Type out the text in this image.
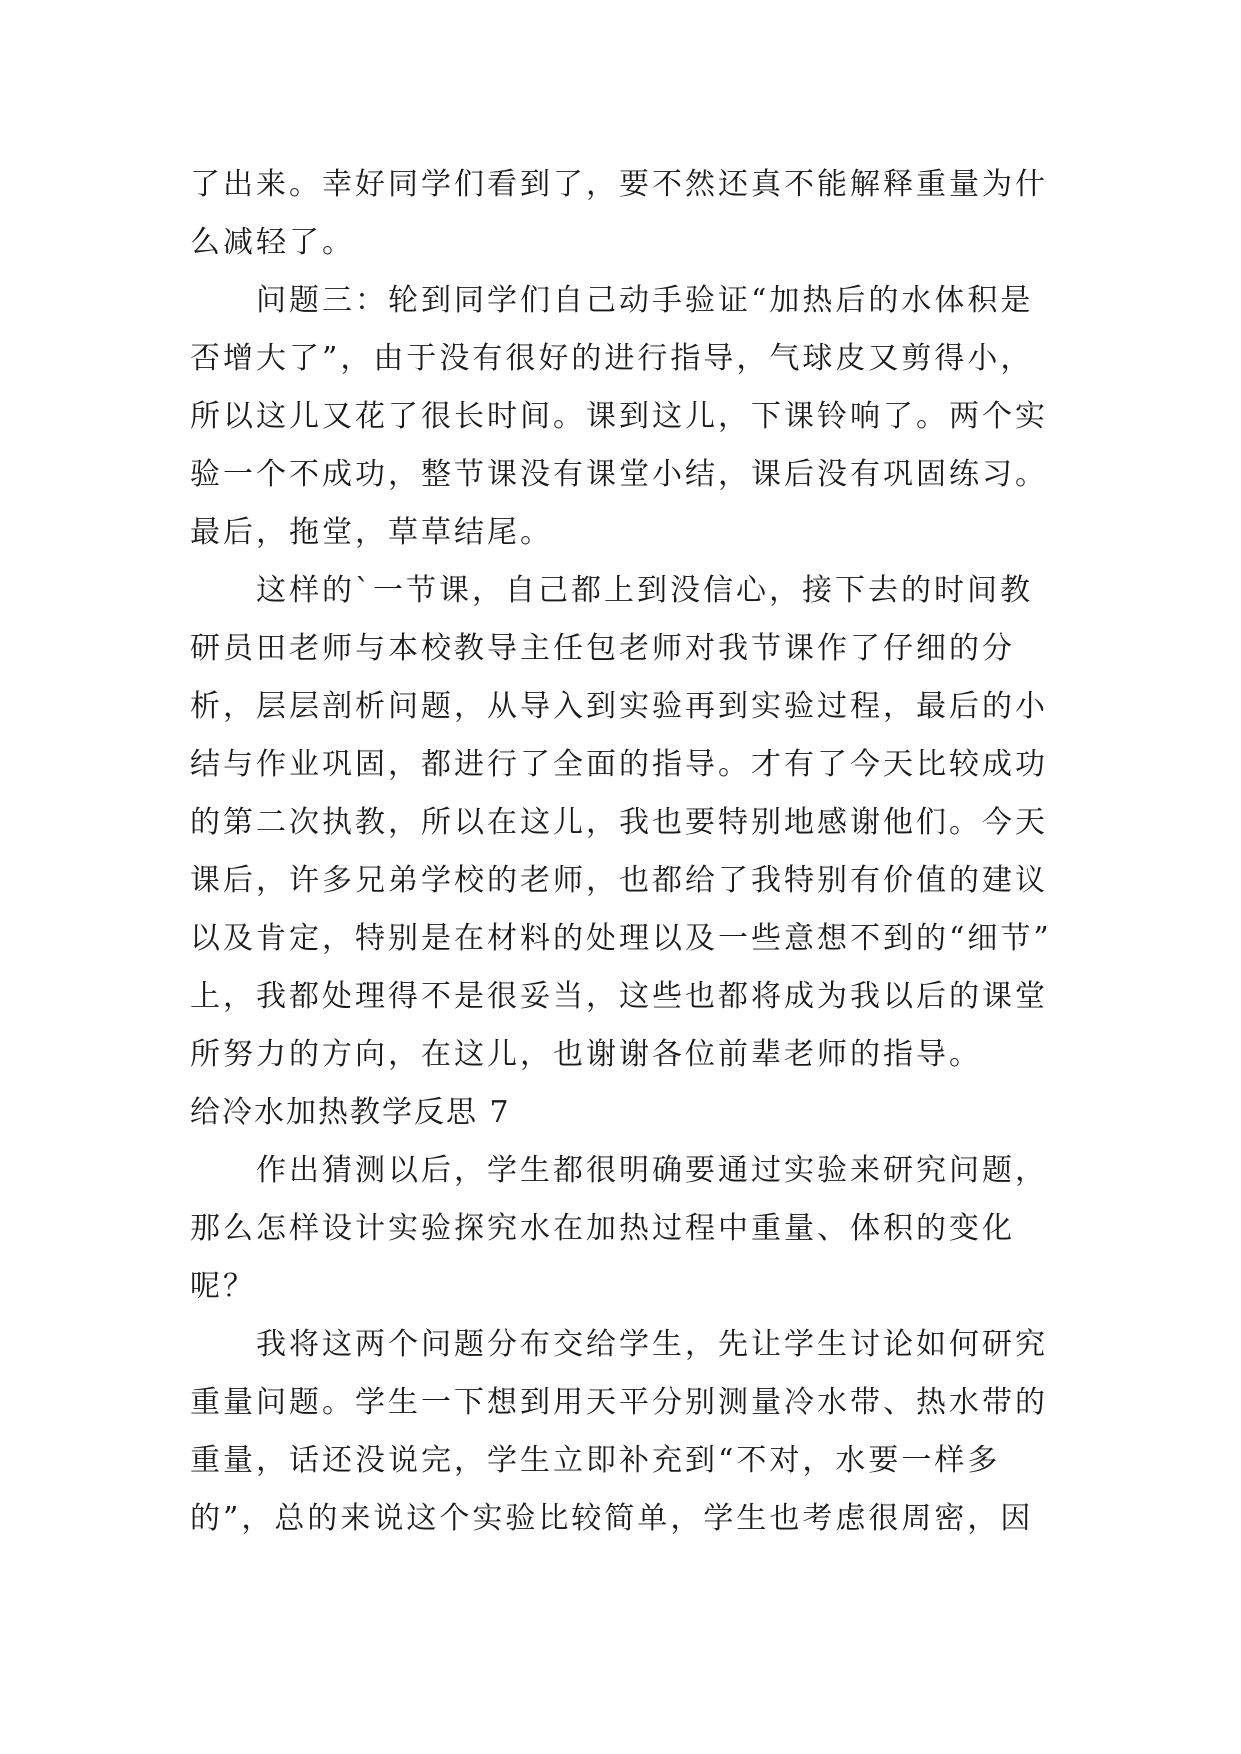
了出来。幸好同学们看到了，要不然还真不能解释重量为什
么减轻了。
问题三：轮到同学们自己动手验证“加热后的水体积是
否增大了”，由于没有很好的进行指导，气球皮又剪得小，
所以这儿又花了很长时间。课到这儿，下课铃响了。两个实
验一个不成功，整节课没有课堂小结，课后没有巩固练习。
最后，拖堂，草草结尾。
这样的`一节课，自己都上到没信心，接下去的时间教
研员田老师与本校教导主任包老师对我节课作了仔细的分
析，层层剖析问题，从导入到实验再到实验过程，最后的小
结与作业巩固，都进行了全面的指导。才有了今天比较成功
的第二次执教，所以在这儿，我也要特别地感谢他们。今天
课后，许多兄弟学校的老师，也都给了我特别有价值的建议
以及肯定，特别是在材料的处理以及一些意想不到的“细节”
上，我都处理得不是很妥当，这些也都将成为我以后的课堂
所努力的方向，在这儿，也谢谢各位前辈老师的指导。
给冷水加热教学反思 7
作出猜测以后，学生都很明确要通过实验来研究问题，
那么怎样设计实验探究水在加热过程中重量、体积的变化
呢？
我将这两个问题分布交给学生，先让学生讨论如何研究
重量问题。学生一下想到用天平分别测量冷水带、热水带的
重量，话还没说完，学生立即补充到“不对，水要一样多
的”，总的来说这个实验比较简单，学生也考虑很周密，因
